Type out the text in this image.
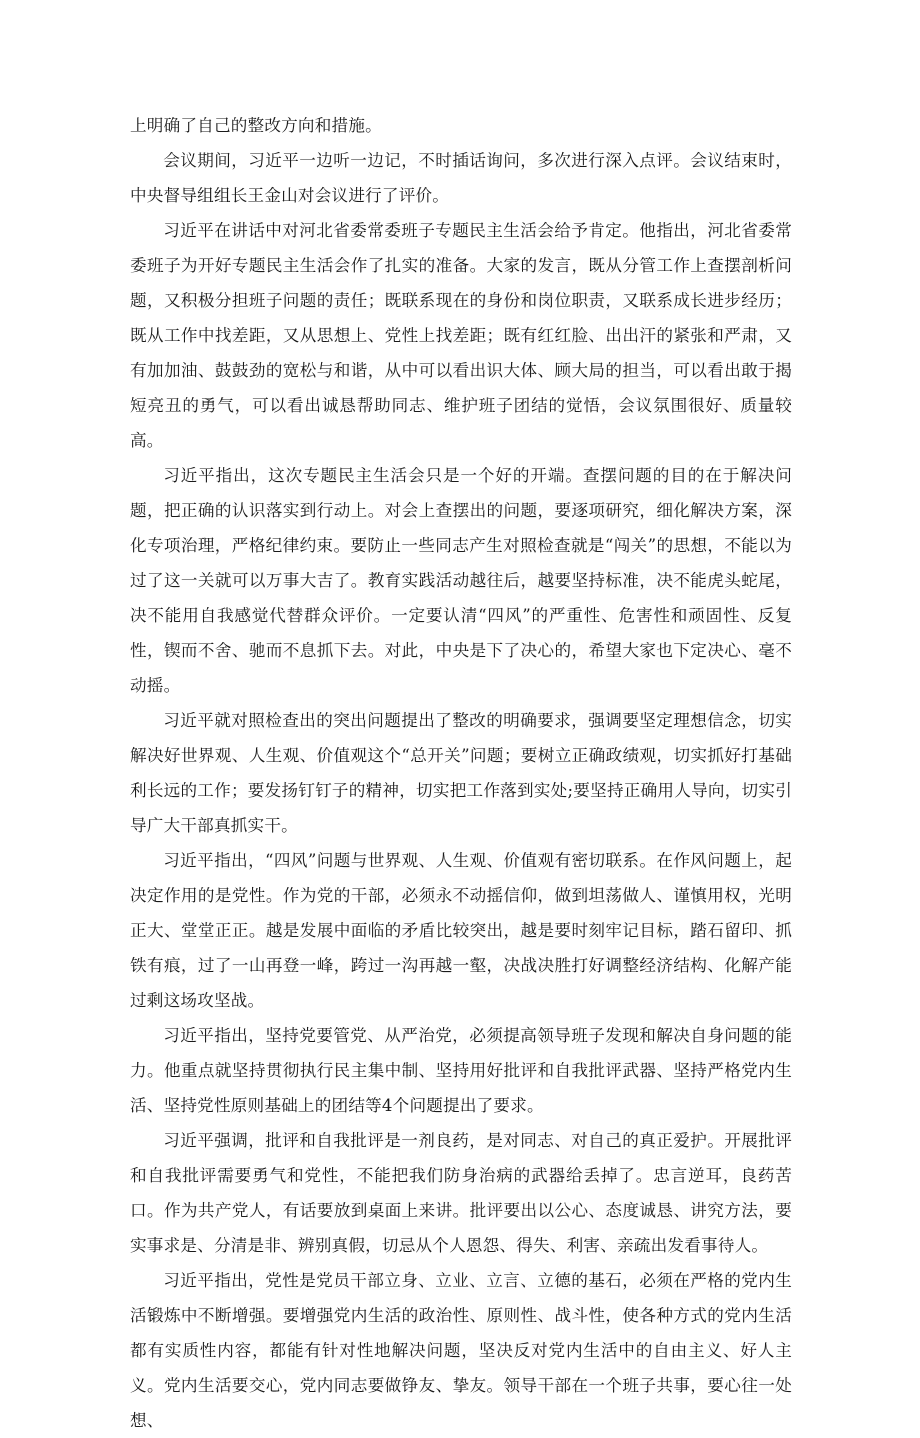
上明确了自己的整改方向和措施。

会议期间，习近平一边听一边记，不时插话询问，多次进行深入点评。会议结束时，中央督导组组长王金山对会议进行了评价。

习近平在讲话中对河北省委常委班子专题民主生活会给予肯定。他指出，河北省委常委班子为开好专题民主生活会作了扎实的准备。大家的发言，既从分管工作上查摆剖析问题，又积极分担班子问题的责任；既联系现在的身份和岗位职责，又联系成长进步经历；既从工作中找差距，又从思想上、党性上找差距；既有红红脸、出出汗的紧张和严肃，又有加加油、鼓鼓劲的宽松与和谐，从中可以看出识大体、顾大局的担当，可以看出敢于揭短亮丑的勇气，可以看出诚恳帮助同志、维护班子团结的觉悟，会议氛围很好、质量较高。

习近平指出，这次专题民主生活会只是一个好的开端。查摆问题的目的在于解决问题，把正确的认识落实到行动上。对会上查摆出的问题，要逐项研究，细化解决方案，深化专项治理，严格纪律约束。要防止一些同志产生对照检查就是“闯关”的思想，不能以为过了这一关就可以万事大吉了。教育实践活动越往后，越要坚持标准，决不能虎头蛇尾，决不能用自我感觉代替群众评价。一定要认清“四风”的严重性、危害性和顽固性、反复性，锲而不舍、驰而不息抓下去。对此，中央是下了决心的，希望大家也下定决心、毫不动摇。

习近平就对照检查出的突出问题提出了整改的明确要求，强调要坚定理想信念，切实解决好世界观、人生观、价值观这个“总开关”问题；要树立正确政绩观，切实抓好打基础利长远的工作；要发扬钉钉子的精神，切实把工作落到实处;要坚持正确用人导向，切实引导广大干部真抓实干。

习近平指出，“四风”问题与世界观、人生观、价值观有密切联系。在作风问题上，起决定作用的是党性。作为党的干部，必须永不动摇信仰，做到坦荡做人、谨慎用权，光明正大、堂堂正正。越是发展中面临的矛盾比较突出，越是要时刻牢记目标，踏石留印、抓铁有痕，过了一山再登一峰，跨过一沟再越一壑，决战决胜打好调整经济结构、化解产能过剩这场攻坚战。

习近平指出，坚持党要管党、从严治党，必须提高领导班子发现和解决自身问题的能力。他重点就坚持贯彻执行民主集中制、坚持用好批评和自我批评武器、坚持严格党内生活、坚持党性原则基础上的团结等4个问题提出了要求。

习近平强调，批评和自我批评是一剂良药，是对同志、对自己的真正爱护。开展批评和自我批评需要勇气和党性，不能把我们防身治病的武器给丢掉了。忠言逆耳，良药苦口。作为共产党人，有话要放到桌面上来讲。批评要出以公心、态度诚恳、讲究方法，要实事求是、分清是非、辨别真假，切忌从个人恩怨、得失、利害、亲疏出发看事待人。

习近平指出，党性是党员干部立身、立业、立言、立德的基石，必须在严格的党内生活锻炼中不断增强。要增强党内生活的政治性、原则性、战斗性，使各种方式的党内生活都有实质性内容，都能有针对性地解决问题，坚决反对党内生活中的自由主义、好人主义。党内生活要交心，党内同志要做铮友、挚友。领导干部在一个班子共事，要心往一处想、
